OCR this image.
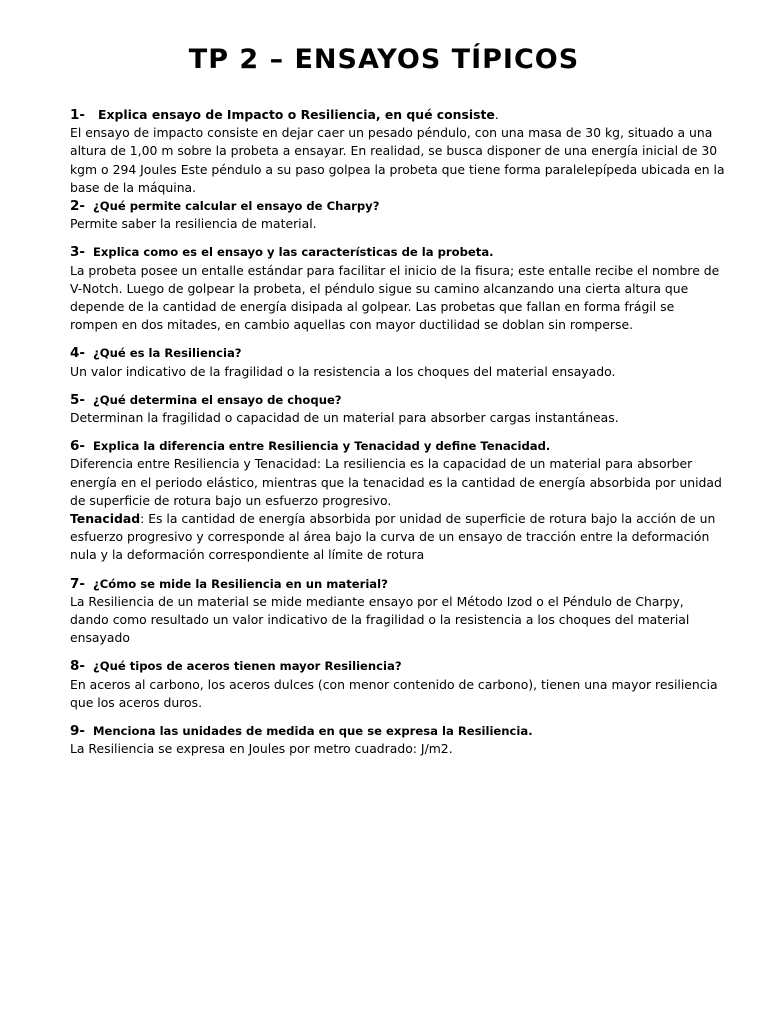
TP 2 – ENSAYOS TÍPICOS
1-	Explica ensayo de Impacto o Resiliencia, en qué consiste.

El ensayo de impacto consiste en dejar caer un pesado péndulo, con una masa de 30 kg, situado a una altura de 1,00 m sobre la probeta a ensayar. En realidad, se busca disponer de una energía inicial de 30 kgm o 294 Joules Este péndulo a su paso golpea la probeta que tiene forma paralelepípeda ubicada en la base de la máquina.

2- ¿Qué permite calcular el ensayo de Charpy?

Permite saber la resiliencia de material.

3- Explica como es el ensayo y las características de la probeta.

La probeta posee un entalle estándar para facilitar el inicio de la fisura; este entalle recibe el nombre de V-Notch. Luego de golpear la probeta, el péndulo sigue su camino alcanzando una cierta altura que depende de la cantidad de energía disipada al golpear. Las probetas que fallan en forma frágil se rompen en dos mitades, en cambio aquellas con mayor ductilidad se doblan sin romperse.

4- ¿Qué es la Resiliencia?

Un valor indicativo de la fragilidad o la resistencia a los choques del material ensayado.

5- ¿Qué determina el ensayo de choque?

Determinan la fragilidad o capacidad de un material para absorber cargas instantáneas.

6- Explica la diferencia entre Resiliencia y Tenacidad y define Tenacidad.

Diferencia entre Resiliencia y Tenacidad: La resiliencia es la capacidad de un material para absorber energía en el periodo elástico, mientras que la tenacidad es la cantidad de energía absorbida por unidad de superficie de rotura bajo un esfuerzo progresivo.

Tenacidad: Es la cantidad de energía absorbida por unidad de superficie de rotura bajo la acción de un esfuerzo progresivo y corresponde al área bajo la curva de un ensayo de tracción entre la deformación nula y la deformación correspondiente al límite de rotura

7- ¿Cómo se mide la Resiliencia en un material?

La Resiliencia de un material se mide mediante ensayo por el Método Izod o el Péndulo de Charpy, dando como resultado un valor indicativo de la fragilidad o la resistencia a los choques del material ensayado

8- ¿Qué tipos de aceros tienen mayor Resiliencia?

En aceros al carbono, los aceros dulces (con menor contenido de carbono), tienen una mayor resiliencia que los aceros duros.

9- Menciona las unidades de medida en que se expresa la Resiliencia.

La Resiliencia se expresa en Joules por metro cuadrado: J/m2.
